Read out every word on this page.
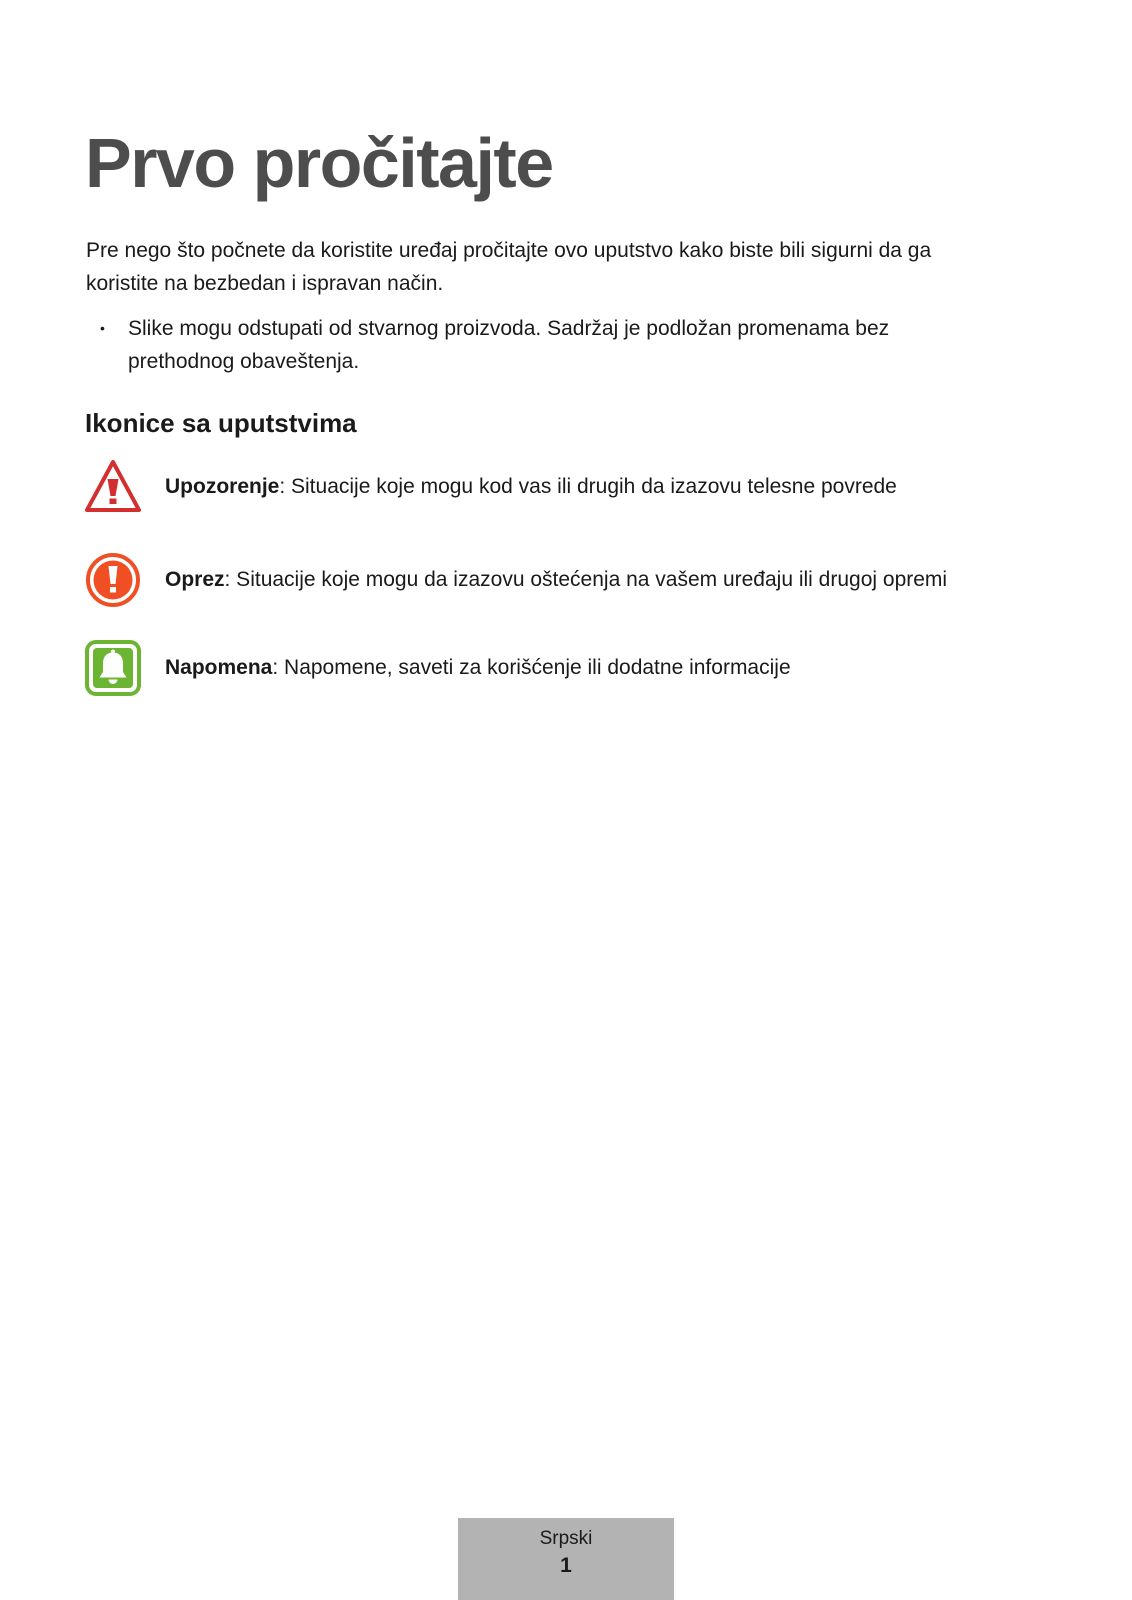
Prvo pročitajte

Pre nego što počnete da koristite uređaj pročitajte ovo uputstvo kako biste bili sigurni da ga koristite na bezbedan i ispravan način.

• Slike mogu odstupati od stvarnog proizvoda. Sadržaj je podložan promenama bez prethodnog obaveštenja.
Ikonice sa uputstvima
Upozorenje: Situacije koje mogu kod vas ili drugih da izazovu telesne povrede
Oprez: Situacije koje mogu da izazovu oštećenja na vašem uređaju ili drugoj opremi
Napomena: Napomene, saveti za korišćenje ili dodatne informacije
Srpski
1
